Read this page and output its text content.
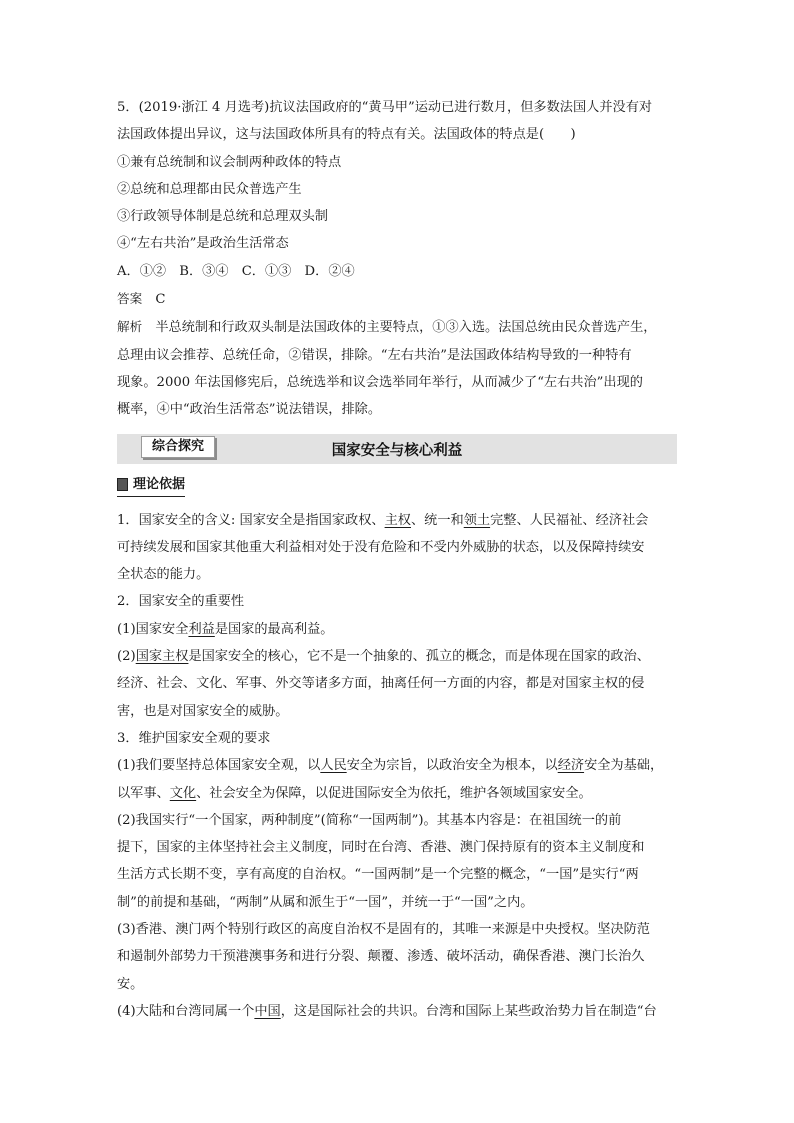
5．(2019·浙江 4 月选考)抗议法国政府的“黄马甲”运动已进行数月，但多数法国人并没有对

法国政体提出异议，这与法国政体所具有的特点有关。法国政体的特点是(　　)

①兼有总统制和议会制两种政体的特点

②总统和总理都由民众普选产生

③行政领导体制是总统和总理双头制

④“左右共治”是政治生活常态

A．①②　B．③④　C．①③　D．②④

答案　 C

解析　 半总统制和行政双头制是法国政体的主要特点，①③入选。法国总统由民众普选产生，

总理由议会推荐、总统任命，②错误，排除。“左右共治”是法国政体结构导致的一种特有

现象。2000 年法国修宪后，总统选举和议会选举同年举行，从而减少了“左右共治”出现的

概率，④中“政治生活常态”说法错误，排除。

国家安全与核心利益
综合探究
理论依据

1．国家安全的含义: 国家安全是指国家政权、主权、统一和领土完整、人民福祉、经济社会

可持续发展和国家其他重大利益相对处于没有危险和不受内外威胁的状态，以及保障持续安

全状态的能力。

2．国家安全的重要性

(1)国家安全利益是国家的最高利益。

(2)国家主权是国家安全的核心，它不是一个抽象的、孤立的概念，而是体现在国家的政治、

经济、社会、文化、军事、外交等诸多方面，抽离任何一方面的内容，都是对国家主权的侵

害，也是对国家安全的威胁。

3．维护国家安全观的要求

(1)我们要坚持总体国家安全观，以人民安全为宗旨，以政治安全为根本，以经济安全为基础，

以军事、文化、社会安全为保障，以促进国际安全为依托，维护各领域国家安全。

(2)我国实行“一个国家，两种制度”(简称“一国两制”)。其基本内容是：在祖国统一的前

提下，国家的主体坚持社会主义制度，同时在台湾、香港、澳门保持原有的资本主义制度和

生活方式长期不变，享有高度的自治权。“一国两制”是一个完整的概念，“一国”是实行“两

制”的前提和基础，“两制”从属和派生于“一国”，并统一于“一国”之内。

(3)香港、澳门两个特别行政区的高度自治权不是固有的，其唯一来源是中央授权。坚决防范

和遏制外部势力干预港澳事务和进行分裂、颠覆、渗透、破坏活动，确保香港、澳门长治久

安。

(4)大陆和台湾同属一个中国，这是国际社会的共识。台湾和国际上某些政治势力旨在制造“台
